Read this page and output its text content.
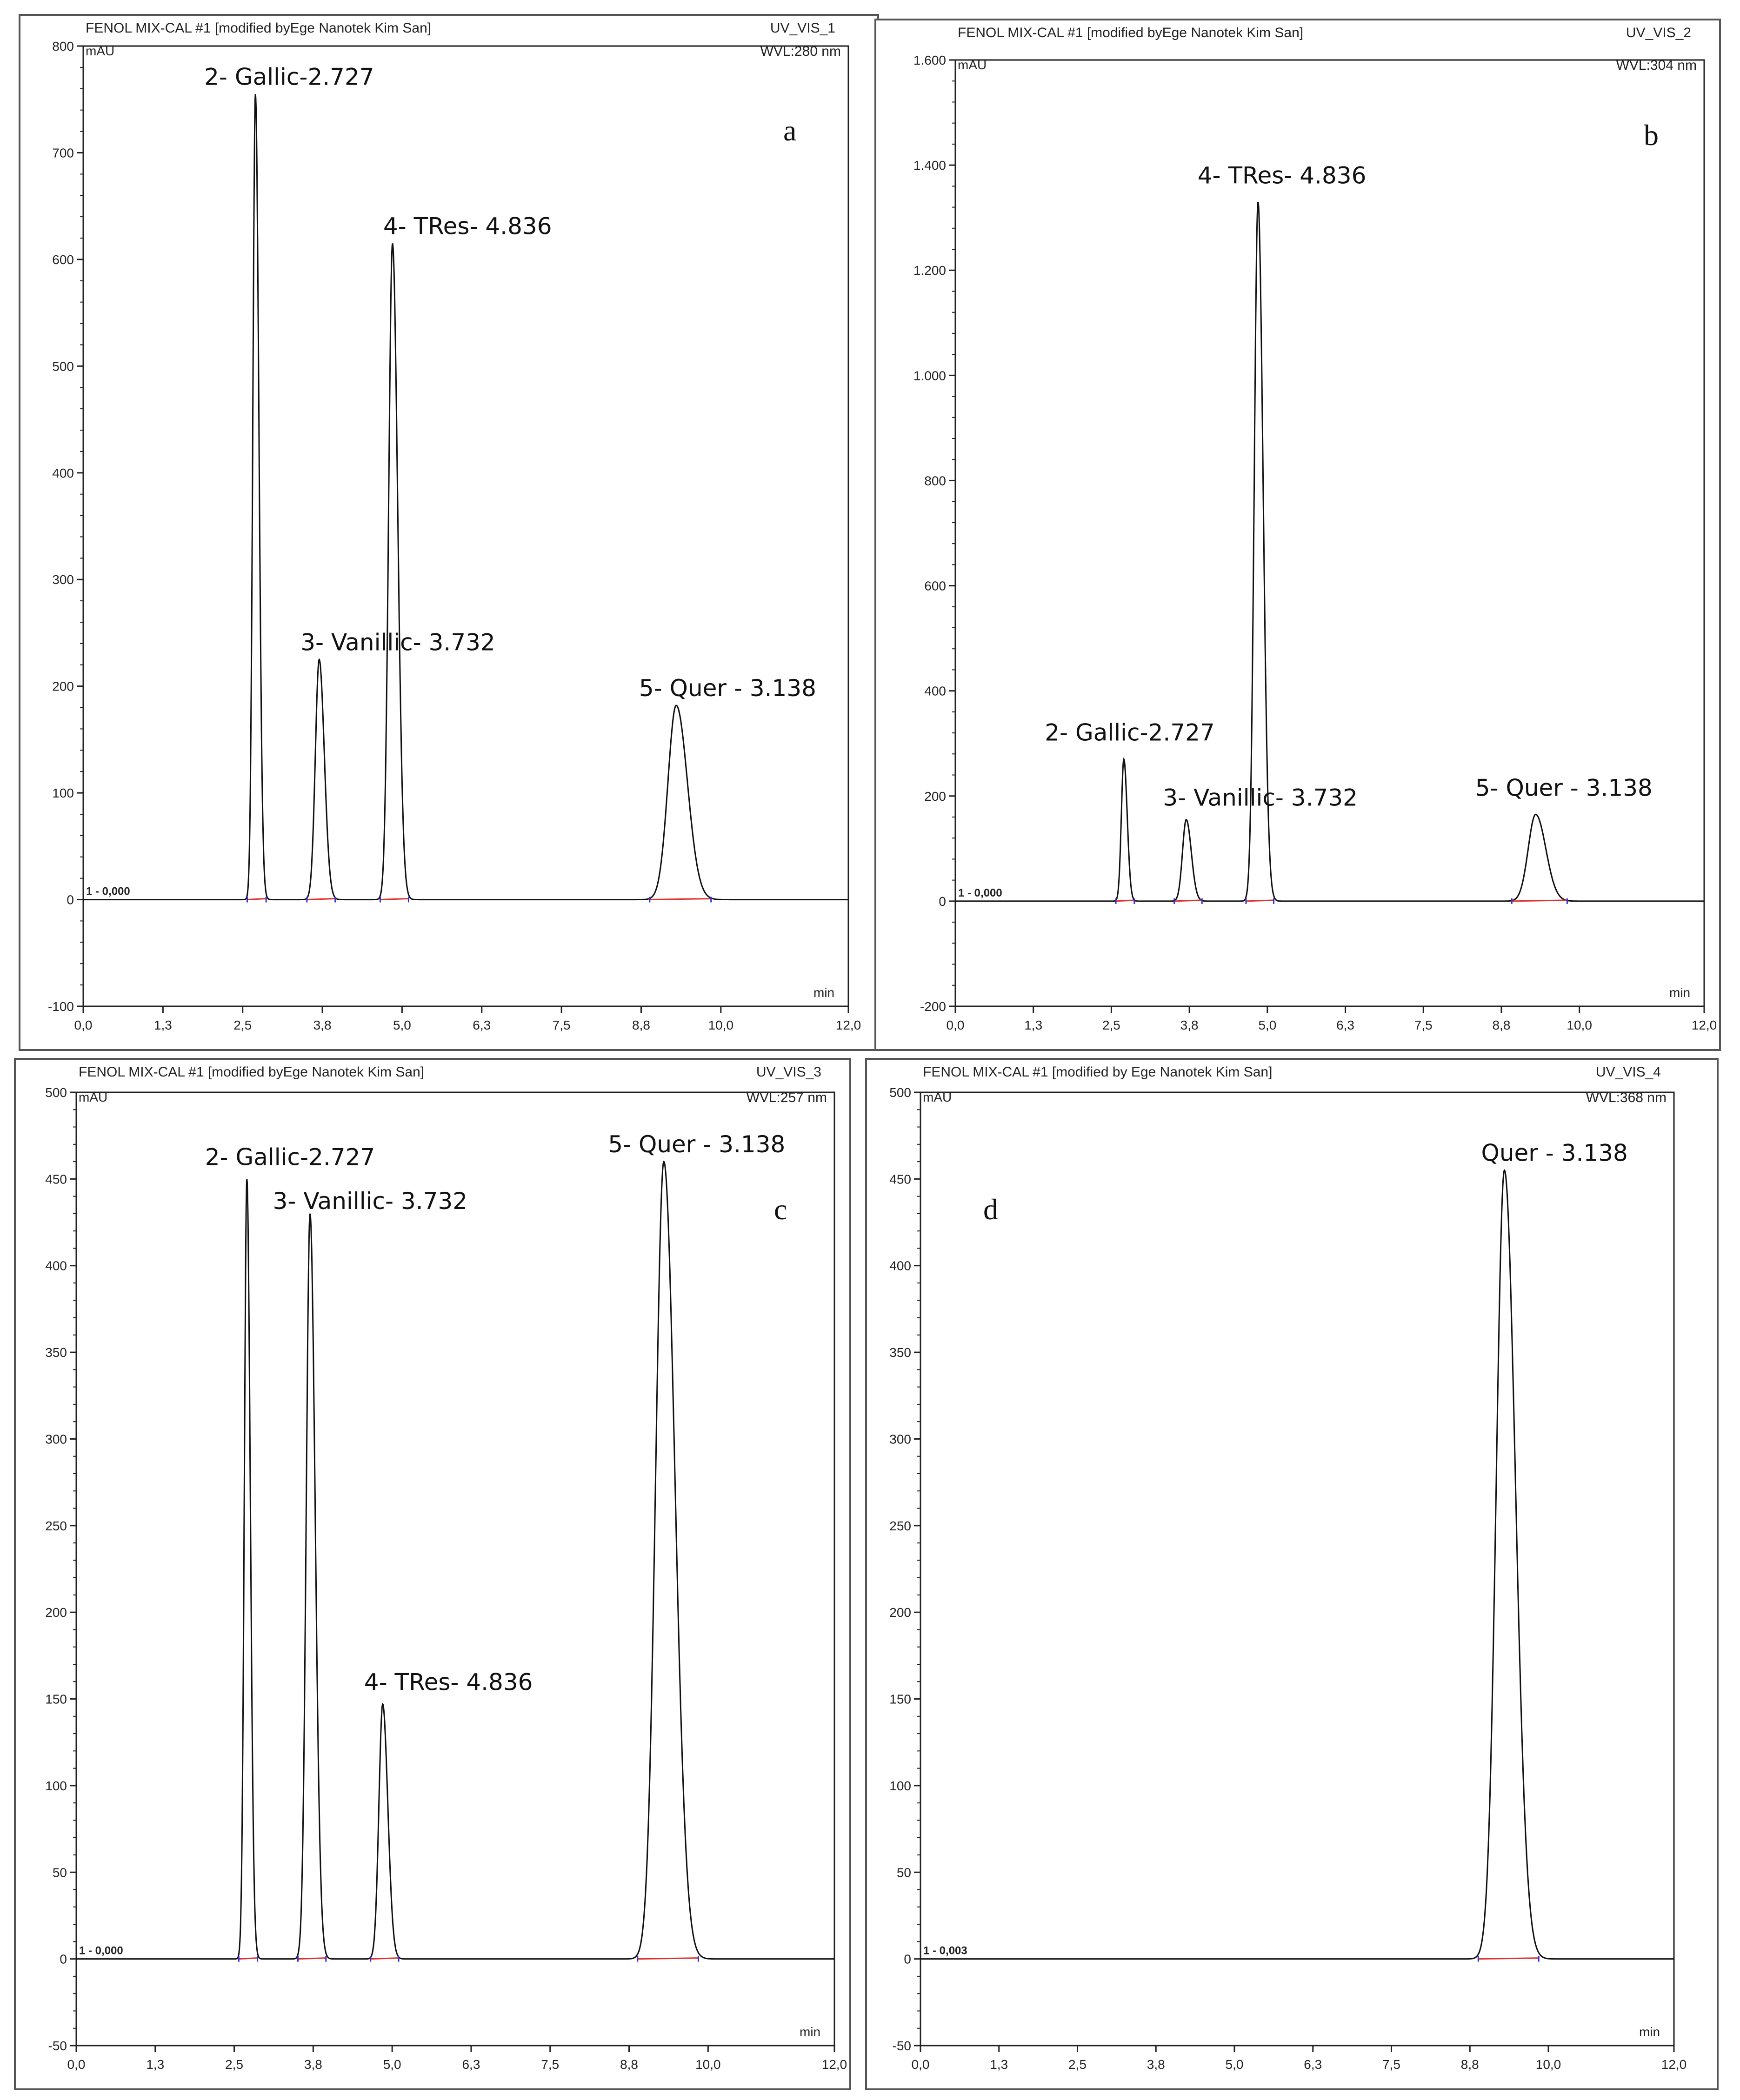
FENOL MIX-CAL #1 [modified byEge Nanotek Kim San]	UV_VIS_1
WVL:280 nm
mAU
min
a
-100
0
100
200
300
400
500
600
700
800
0,0	1,3	2,5	3,8	5,0	6,3	7,5	8,8	10,0	12,0
1 - 0,000
2- Gallic-2.727
3- Vanillic- 3.732
4- TRes- 4.836
5- Quer - 3.138
FENOL MIX-CAL #1 [modified byEge Nanotek Kim San]	UV_VIS_2
WVL:304 nm
mAU
min
b
-200
0
200
400
600
800
1.000
1.200
1.400
1.600
0,0	1,3	2,5	3,8	5,0	6,3	7,5	8,8	10,0	12,0
1 - 0,000
2- Gallic-2.727
3- Vanillic- 3.732
4- TRes- 4.836
5- Quer - 3.138
FENOL MIX-CAL #1 [modified byEge Nanotek Kim San]	UV_VIS_3
WVL:257 nm
mAU
min
c
-50
0
50
100
150
200
250
300
350
400
450
500
0,0	1,3	2,5	3,8	5,0	6,3	7,5	8,8	10,0	12,0
1 - 0,000
2- Gallic-2.727
3- Vanillic- 3.732
4- TRes- 4.836
5- Quer - 3.138
FENOL MIX-CAL #1 [modified by Ege Nanotek Kim San]	UV_VIS_4
WVL:368 nm
mAU
min
d
-50
0
50
100
150
200
250
300
350
400
450
500
0,0	1,3	2,5	3,8	5,0	6,3	7,5	8,8	10,0	12,0
1 - 0,003
Quer - 3.138
